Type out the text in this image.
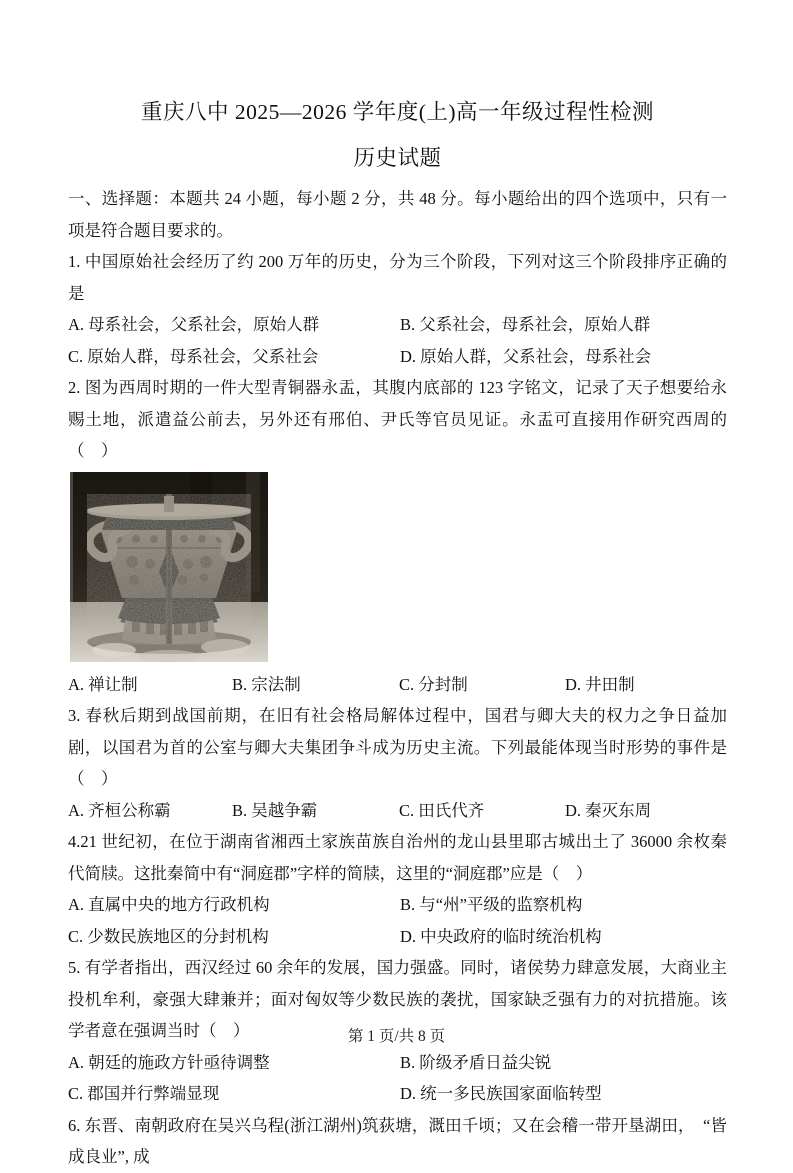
重庆八中 2025—2026 学年度(上)高一年级过程性检测
历史试题

一、选择题：本题共 24 小题，每小题 2 分，共 48 分。每小题给出的四个选项中，只有一项是符合题目要求的。

1. 中国原始社会经历了约 200 万年的历史，分为三个阶段，下列对这三个阶段排序正确的是

A. 母系社会，父系社会，原始人群	B. 父系社会，母系社会，原始人群
C. 原始人群，母系社会，父系社会	D. 原始人群，父系社会，母系社会

2. 图为西周时期的一件大型青铜器永盂，其腹内底部的 123 字铭文，记录了天子想要给永赐土地，派遣益公前去，另外还有邢伯、尹氏等官员见证。永盂可直接用作研究西周的（　）

A. 禅让制	B. 宗法制	C. 分封制	D. 井田制

3. 春秋后期到战国前期，在旧有社会格局解体过程中，国君与卿大夫的权力之争日益加剧，以国君为首的公室与卿大夫集团争斗成为历史主流。下列最能体现当时形势的事件是（　）

A. 齐桓公称霸	B. 吴越争霸	C. 田氏代齐	D. 秦灭东周

4.21 世纪初，在位于湖南省湘西土家族苗族自治州的龙山县里耶古城出土了 36000 余枚秦代简牍。这批秦简中有“洞庭郡”字样的简牍，这里的“洞庭郡”应是（　）

A. 直属中央的地方行政机构	B. 与“州”平级的监察机构
C. 少数民族地区的分封机构	D. 中央政府的临时统治机构

5. 有学者指出，西汉经过 60 余年的发展，国力强盛。同时，诸侯势力肆意发展，大商业主投机牟利，豪强大肆兼并；面对匈奴等少数民族的袭扰，国家缺乏强有力的对抗措施。该学者意在强调当时（　）

A. 朝廷的施政方针亟待调整	B. 阶级矛盾日益尖锐
C. 郡国并行弊端显现	D. 统一多民族国家面临转型

6. 东晋、南朝政府在吴兴乌程(浙江湖州)筑荻塘，溉田千顷；又在会稽一带开垦湖田，　“皆成良业”, 成

第 1 页/共 8 页
